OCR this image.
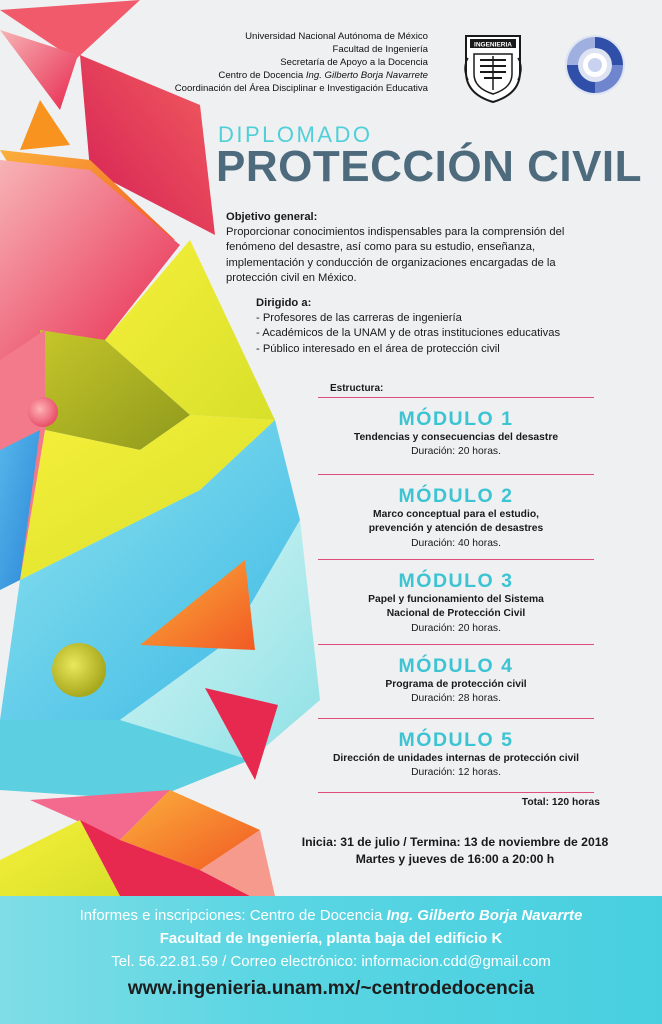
Universidad Nacional Autónoma de México
Facultad de Ingeniería
Secretaría de Apoyo a la Docencia
Centro de Docencia Ing. Gilberto Borja Navarrete
Coordinación del Área Disciplinar e Investigación Educativa
INGENIERIA
DIPLOMADO
PROTECCIÓN CIVIL
Objetivo general:
Proporcionar conocimientos indispensables para la comprensión del fenómeno del desastre, así como para su estudio, enseñanza, implementación y conducción de organizaciones encargadas de la protección civil en México.
Dirigido a:
- Profesores de las carreras de ingeniería
- Académicos de la UNAM y de otras instituciones educativas
- Público interesado en el área de protección civil
Estructura:
MÓDULO 1
Tendencias y consecuencias del desastre
Duración: 20 horas.
MÓDULO 2
Marco conceptual para el estudio,
prevención y atención de desastres
Duración: 40 horas.
MÓDULO 3
Papel y funcionamiento del Sistema
Nacional de Protección Civil
Duración: 20 horas.
MÓDULO 4
Programa de protección civil
Duración: 28 horas.
MÓDULO 5
Dirección de unidades internas de protección civil
Duración: 12 horas.
Total: 120 horas
Inicia: 31 de julio / Termina: 13 de noviembre de 2018
Martes y jueves de 16:00 a 20:00 h
Informes e inscripciones: Centro de Docencia Ing. Gilberto Borja Navarrte
Facultad de Ingeniería, planta baja del edificio K
Tel. 56.22.81.59 / Correo electrónico: informacion.cdd@gmail.com
www.ingenieria.unam.mx/~centrodedocencia
